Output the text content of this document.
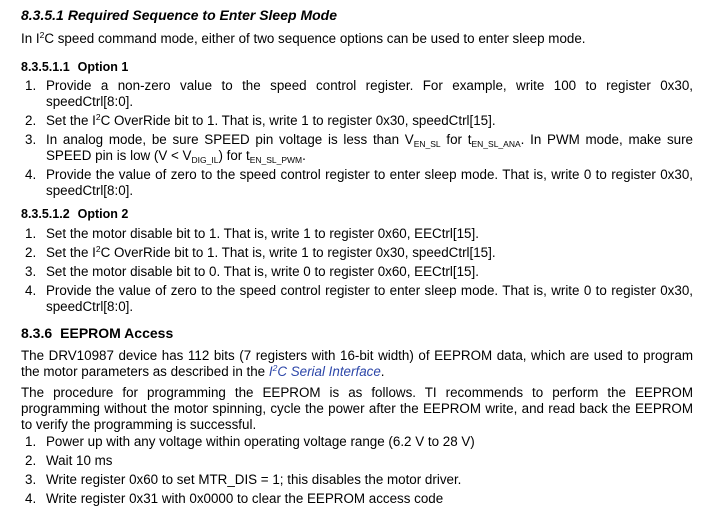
8.3.5.1 Required Sequence to Enter Sleep Mode
In $I^2C$ speed command mode, either of two sequence options can be used to enter sleep mode.
8.3.5.1.1 Option 1
1. Provide a non-zero value to the speed control register. For example, write 100 to register 0x30, speedCtrl[8:0].
2. Set the $I^2C$ OverRide bit to 1. That is, write 1 to register 0x30, speedCtrl[15].
3. In analog mode, be sure SPEED pin voltage is less than $V_{EN\_SL}$ for $t_{EN\_SL\_ANA}$. In PWM mode, make sure SPEED pin is low $(V < V_{DIG\_IL})$ for $t_{EN\_SL\_PWM}$.
4. Provide the value of zero to the speed control register to enter sleep mode. That is, write 0 to register 0x30, speedCtrl[8:0].
8.3.5.1.2 Option 2
1. Set the motor disable bit to 1. That is, write 1 to register 0x60, EECtrl[15].
2. Set the $I^2C$ OverRide bit to 1. That is, write 1 to register 0x30, speedCtrl[15].
3. Set the motor disable bit to 0. That is, write 0 to register 0x60, EECtrl[15].
4. Provide the value of zero to the speed control register to enter sleep mode. That is, write 0 to register 0x30, speedCtrl[8:0].
8.3.6 EEPROM Access
The DRV10987 device has 112 bits (7 registers with 16-bit width) of EEPROM data, which are used to program the motor parameters as described in the $I^2C$ Serial Interface.
The procedure for programming the EEPROM is as follows. TI recommends to perform the EEPROM programming without the motor spinning, cycle the power after the EEPROM write, and read back the EEPROM to verify the programming is successful.
1. Power up with any voltage within operating voltage range (6.2 V to 28 V)
2. Wait 10 ms
3. Write register 0x60 to set MTR_DIS = 1; this disables the motor driver.
4. Write register 0x31 with 0x0000 to clear the EEPROM access code
